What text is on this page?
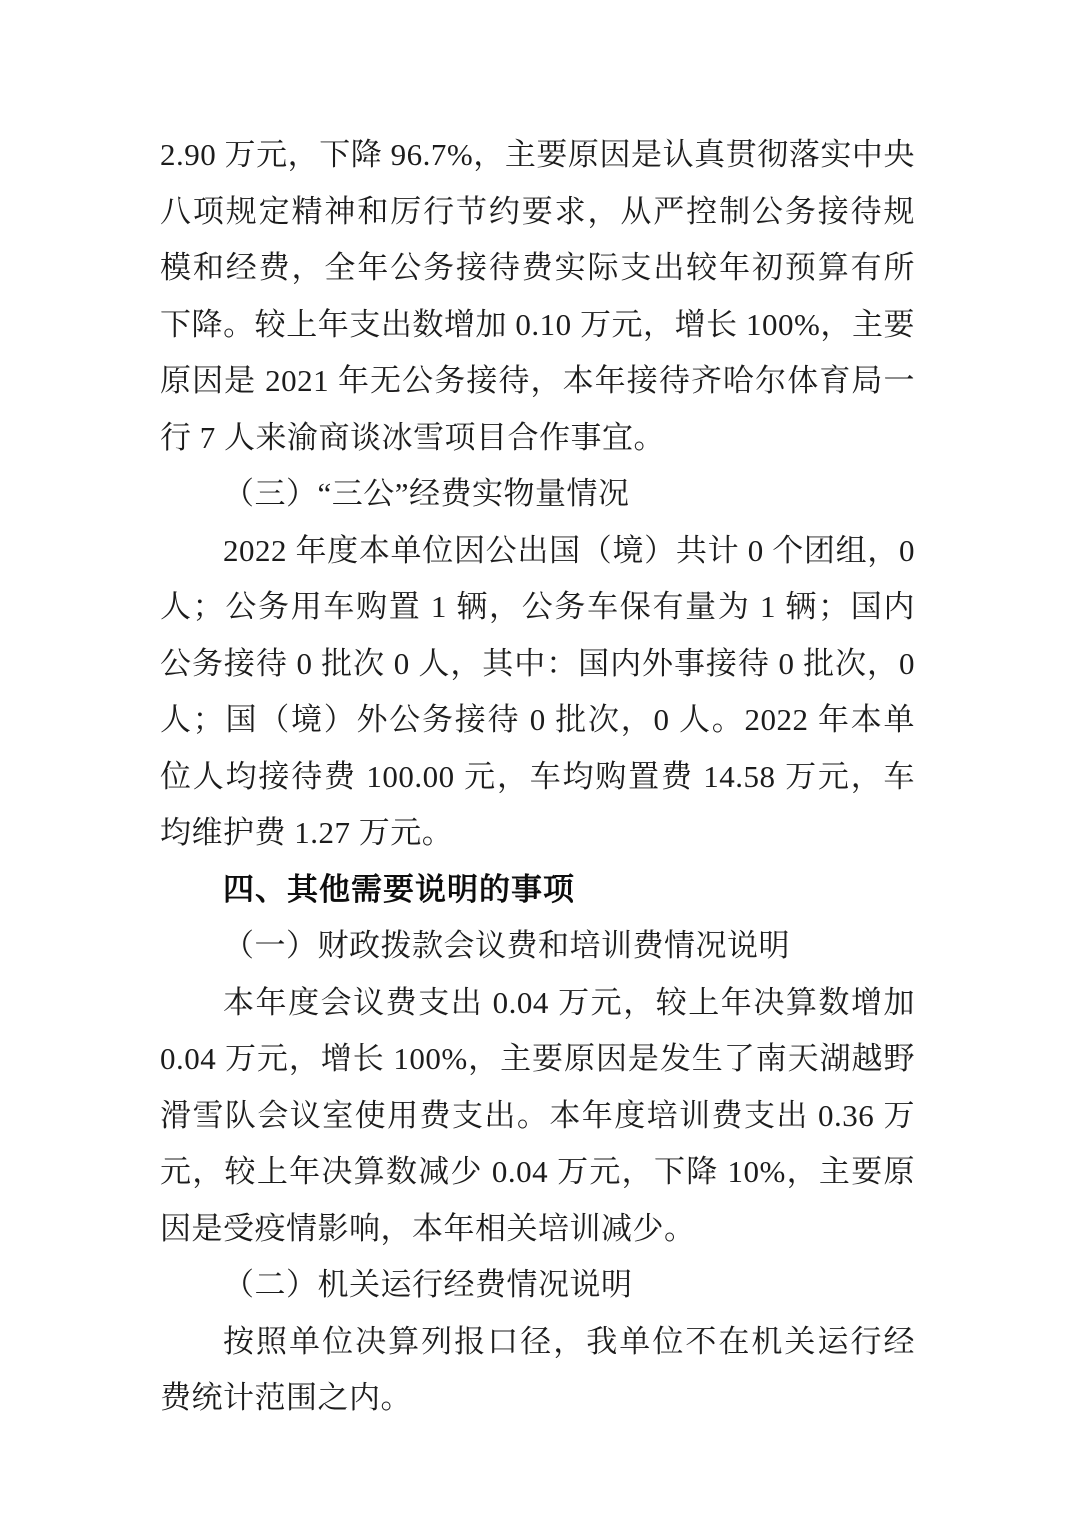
2.90 万元，下降 96.7%，主要原因是认真贯彻落实中央八项规定精神和厉行节约要求，从严控制公务接待规模和经费，全年公务接待费实际支出较年初预算有所下降。较上年支出数增加 0.10 万元，增长 100%，主要原因是 2021 年无公务接待，本年接待齐哈尔体育局一行 7 人来渝商谈冰雪项目合作事宜。

（三）“三公”经费实物量情况

2022 年度本单位因公出国（境）共计 0 个团组，0 人；公务用车购置 1 辆，公务车保有量为 1 辆；国内公务接待 0 批次 0 人，其中：国内外事接待 0 批次，0 人；国（境）外公务接待 0 批次，0 人。2022 年本单位人均接待费 100.00 元，车均购置费 14.58 万元，车均维护费 1.27 万元。

四、其他需要说明的事项

（一）财政拨款会议费和培训费情况说明

本年度会议费支出 0.04 万元，较上年决算数增加 0.04 万元，增长 100%，主要原因是发生了南天湖越野滑雪队会议室使用费支出。本年度培训费支出 0.36 万元，较上年决算数减少 0.04 万元，下降 10%，主要原因是受疫情影响，本年相关培训减少。

（二）机关运行经费情况说明

按照单位决算列报口径，我单位不在机关运行经费统计范围之内。
